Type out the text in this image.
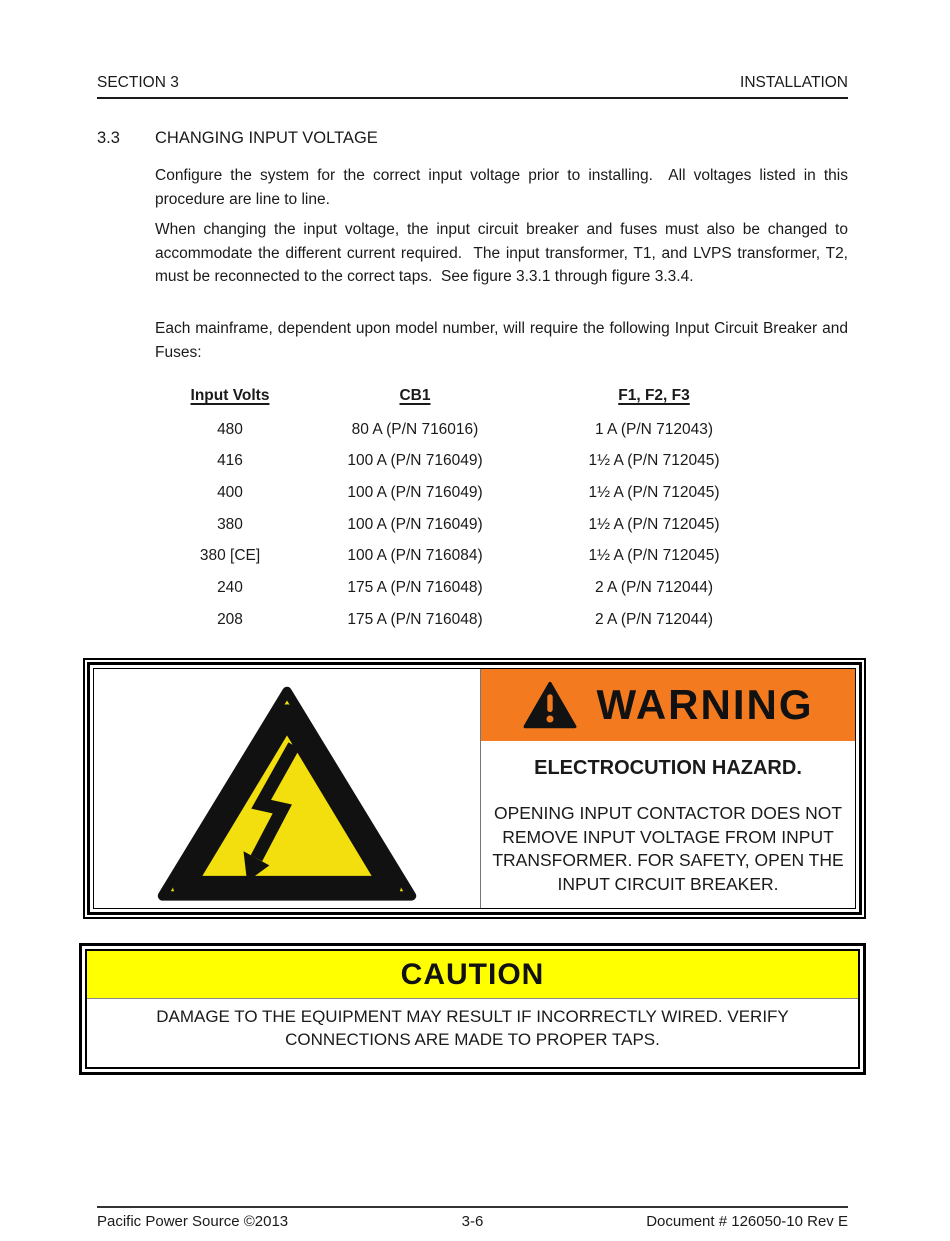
SECTION 3	INSTALLATION
3.3	CHANGING INPUT VOLTAGE

Configure the system for the correct input voltage prior to installing.  All voltages listed in this procedure are line to line.

When changing the input voltage, the input circuit breaker and fuses must also be changed to accommodate the different current required.  The input transformer, T1, and LVPS transformer, T2, must be reconnected to the correct taps.  See figure 3.3.1 through figure 3.3.4.

Each mainframe, dependent upon model number, will require the following Input Circuit Breaker and Fuses:

Input Volts	CB1	F1, F2, F3
480	80 A (P/N 716016)	1 A (P/N 712043)
416	100 A (P/N 716049)	1½ A (P/N 712045)
400	100 A (P/N 716049)	1½ A (P/N 712045)
380	100 A (P/N 716049)	1½ A (P/N 712045)
380 [CE]	100 A (P/N 716084)	1½ A (P/N 712045)
240	175 A (P/N 716048)	2 A (P/N 712044)
208	175 A (P/N 716048)	2 A (P/N 712044)
WARNING
ELECTROCUTION HAZARD.
OPENING INPUT CONTACTOR DOES NOT REMOVE INPUT VOLTAGE FROM INPUT TRANSFORMER. FOR SAFETY, OPEN THE INPUT CIRCUIT BREAKER.
CAUTION
DAMAGE TO THE EQUIPMENT MAY RESULT IF INCORRECTLY WIRED. VERIFY CONNECTIONS ARE MADE TO PROPER TAPS.
Pacific Power Source ©2013	3-6	Document # 126050-10 Rev E
